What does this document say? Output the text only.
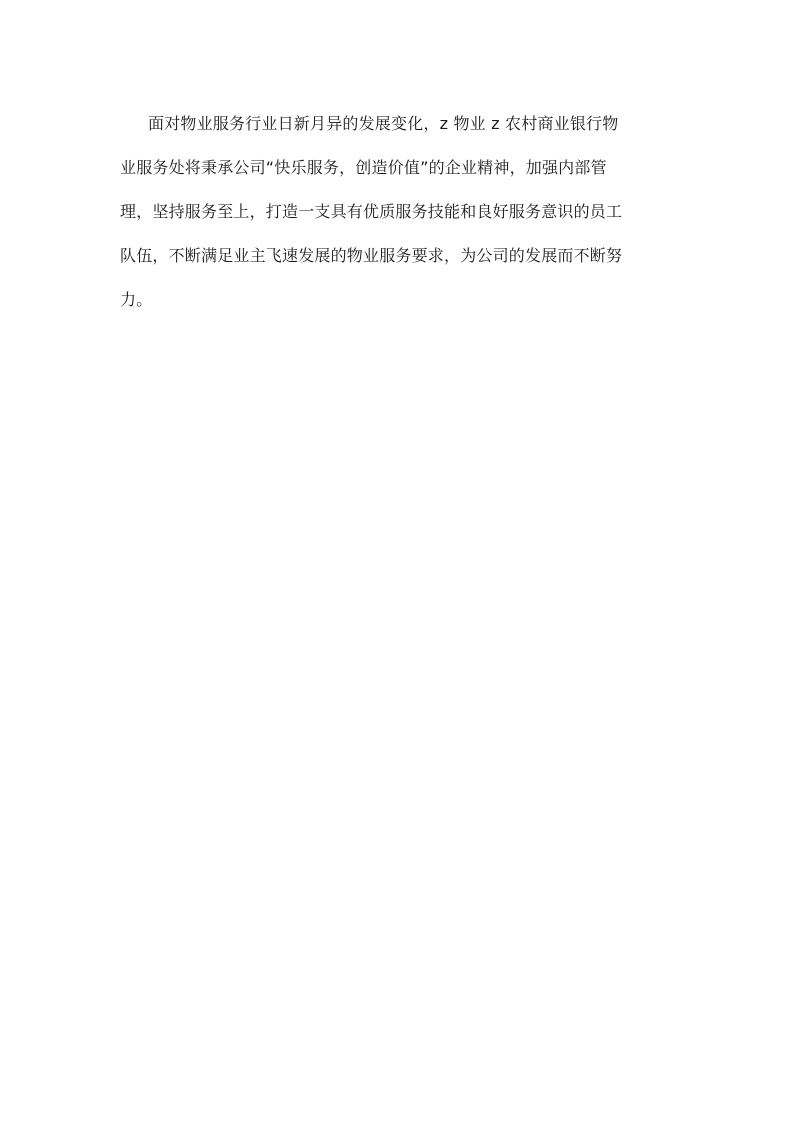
面对物业服务行业日新月异的发展变化，z 物业 z 农村商业银行物
业服务处将秉承公司“快乐服务，创造价值”的企业精神，加强内部管
理，坚持服务至上，打造一支具有优质服务技能和良好服务意识的员工
队伍，不断满足业主飞速发展的物业服务要求，为公司的发展而不断努
力。
